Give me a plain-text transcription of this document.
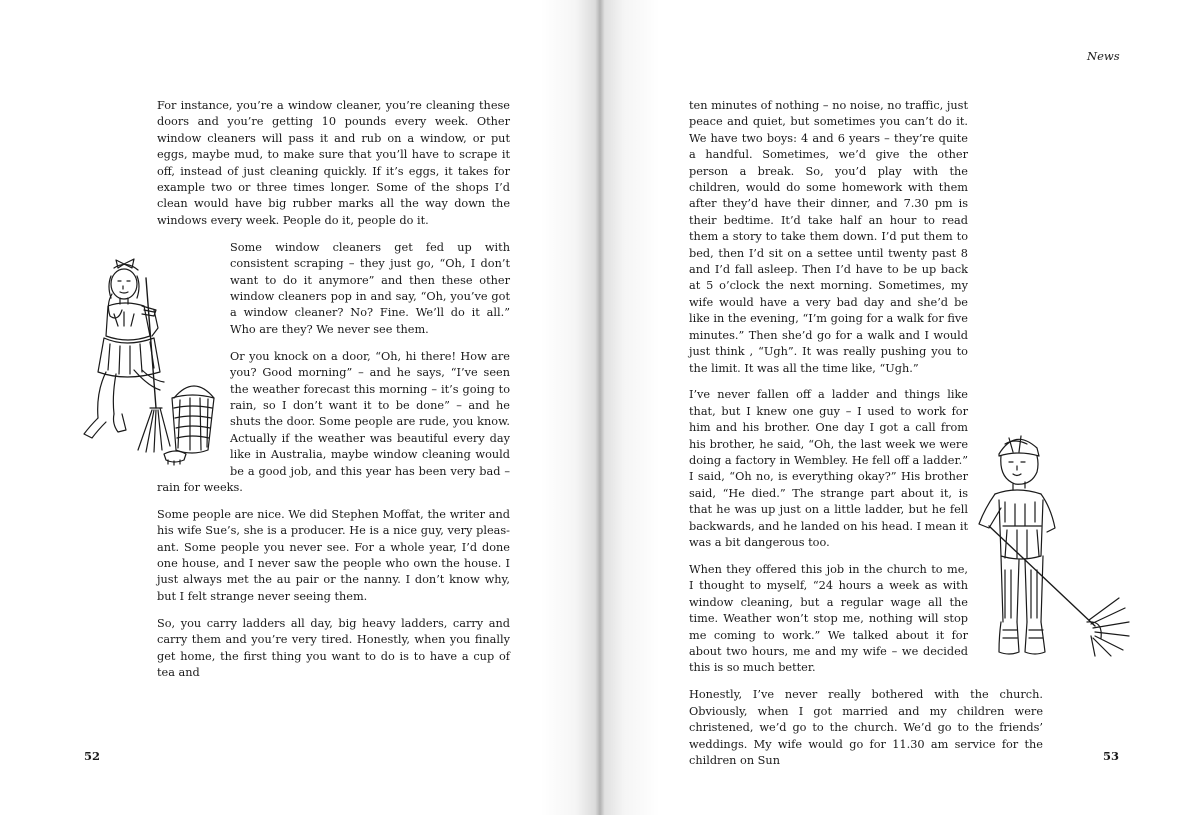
For instance, you’re a window cleaner, you’re cleaning these doors and you’re getting 10 pounds every week. Other window cleaners will pass it and rub on a window, or put eggs, maybe mud, to make sure that you’ll have to scrape it off, instead of just cleaning quickly. If it’s eggs, it takes for example two or three times longer. Some of the shops I’d clean would have big rubber marks all the way down the windows every week. People do it, people do it.

Some window cleaners get fed up with consistent scraping – they just go, “Oh, I don’t want to do it anymore” and then these other window cleaners pop in and say, “Oh, you’ve got a window cleaner? No? Fine. We’ll do it all.” Who are they? We never see them.

Or you knock on a door, “Oh, hi there! How are you? Good morning” – and he says, “I’ve seen the weather forecast this morning – it’s going to rain, so I don’t want it to be done” – and he shuts the door. Some people are rude, you know. Actually if the weather was beautiful every day like in Australia, maybe window cleaning would be a good job, and this year has been very bad – rain for weeks.

Some people are nice. We did Stephen Moffat, the writer and his wife Sue’s, she is a producer. He is a nice guy, very pleasant. Some people you never see. For a whole year, I’d done one house, and I never saw the people who own the house. I just always met the au pair or the nanny. I don’t know why, but I felt strange never seeing them.

So, you carry ladders all day, big heavy ladders, carry and carry them and you’re very tired. Honestly, when you finally get home, the first thing you want to do is to have a cup of tea and

52
News

ten minutes of nothing – no noise, no traffic, just peace and quiet, but sometimes you can’t do it. We have two boys: 4 and 6 years – they’re quite a handful. Sometimes, we’d give the other person a break. So, you’d play with the children, would do some homework with them after they’d have their dinner, and 7.30 pm is their bedtime. It’d take half an hour to read them a story to take them down. I’d put them to bed, then I’d sit on a settee until twenty past 8 and I’d fall asleep. Then I’d have to be up back at 5 o’clock the next morning. Sometimes, my wife would have a very bad day and she’d be like in the evening, “I’m going for a walk for five minutes.” Then she’d go for a walk and I would just think , “Ugh”. It was really pushing you to the limit. It was all the time like, “Ugh.”

I’ve never fallen off a ladder and things like that, but I knew one guy – I used to work for him and his brother. One day I got a call from his brother, he said, “Oh, the last week we were doing a factory in Wembley. He fell off a ladder.” I said, “Oh no, is everything okay?” His brother said, “He died.” The strange part about it, is that he was up just on a little ladder, but he fell backwards, and he landed on his head. I mean it was a bit dangerous too.

When they offered this job in the church to me, I thought to myself, “24 hours a week as with window cleaning, but a regular wage all the time. Weather won’t stop me, nothing will stop me coming to work.” We talked about it for about two hours, me and my wife – we decided this is so much better.

Honestly, I’ve never really bothered with the church. Obviously, when I got married and my children were christened, we’d go to the church. We’d go to the friends’ weddings. My wife would go for 11.30 am service for the children on Sun	53
